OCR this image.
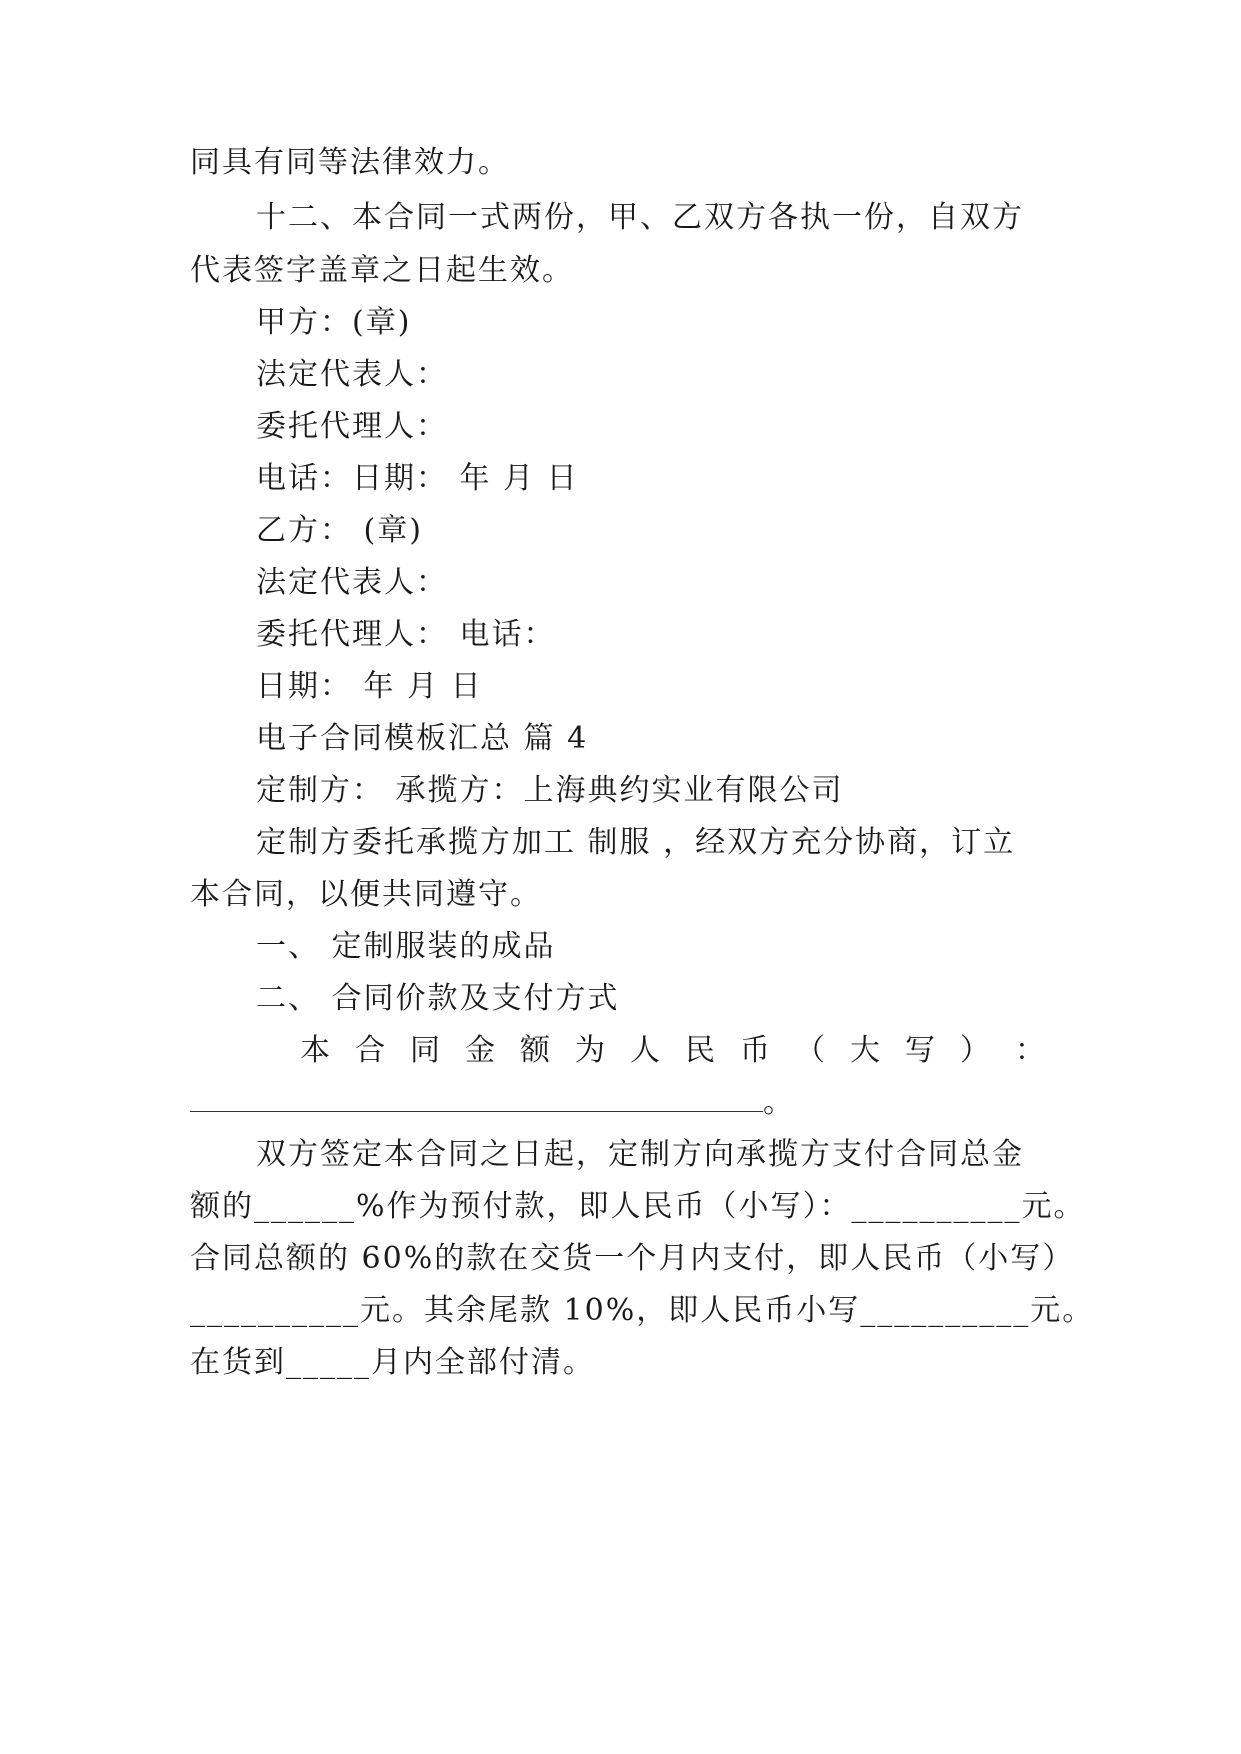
同具有同等法律效力。
十二、本合同一式两份，甲、乙双方各执一份，自双方
代表签字盖章之日起生效。
甲方：(章)
法定代表人：
委托代理人：
电话：日期： 年 月 日
乙方： (章)
法定代表人：
委托代理人： 电话：
日期： 年 月 日
电子合同模板汇总 篇 4
定制方： 承揽方：上海典约实业有限公司
定制方委托承揽方加工 制服 ，经双方充分协商，订立
本合同，以便共同遵守。
一、 定制服装的成品
二、 合同价款及支付方式
本 合 同 金 额 为 人 民 币 （ 大 写 ） ：
。
双方签定本合同之日起，定制方向承揽方支付合同总金
额的______%作为预付款，即人民币（小写）：__________元。
合同总额的 60%的款在交货一个月内支付，即人民币（小写）
__________元。其余尾款 10%，即人民币小写__________元。
在货到_____月内全部付清。
